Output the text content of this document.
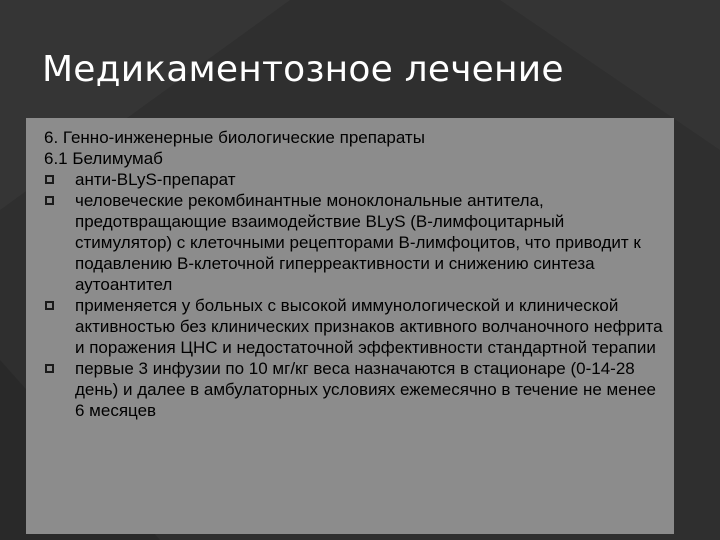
Медикаментозное лечение
6. Генно-инженерные биологические препараты
6.1 Белимумаб
анти-BLyS-препарат
человеческие рекомбинантные моноклональные антитела, предотвращающие взаимодействие BLyS (В-лимфоцитарный стимулятор) с клеточными рецепторами В-лимфоцитов, что приводит к подавлению В-клеточной гиперреактивности и снижению синтеза аутоантител
применяется у больных с высокой иммунологической и клинической активностью без клинических признаков активного волчаночного нефрита и поражения ЦНС и недостаточной эффективности стандартной терапии
первые 3 инфузии по 10 мг/кг веса назначаются в стационаре (0-14-28 день) и далее в амбулаторных условиях ежемесячно в течение не менее 6 месяцев
